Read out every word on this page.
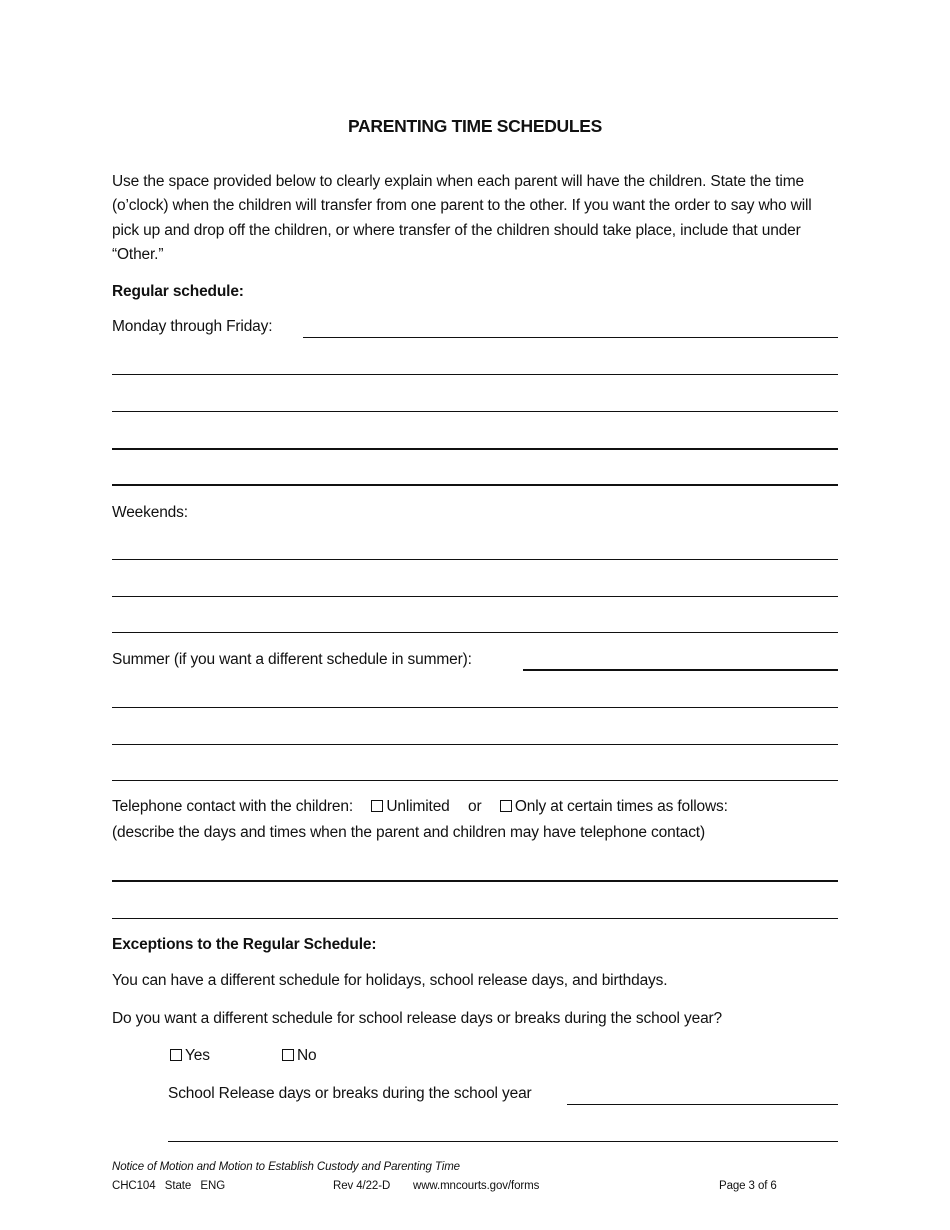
PARENTING TIME SCHEDULES
Use the space provided below to clearly explain when each parent will have the children. State the time (o’clock) when the children will transfer from one parent to the other. If you want the order to say who will pick up and drop off the children, or where transfer of the children should take place, include that under “Other.”
Regular schedule:
Monday through Friday:
Weekends:
Summer (if you want a different schedule in summer):
Telephone contact with the children: Unlimited or Only at certain times as follows:
(describe the days and times when the parent and children may have telephone contact)
Exceptions to the Regular Schedule:
You can have a different schedule for holidays, school release days, and birthdays.
Do you want a different schedule for school release days or breaks during the school year?
Yes	No
School Release days or breaks during the school year
Notice of Motion and Motion to Establish Custody and Parenting Time
CHC104   State   ENG	Rev 4/22-D www.mncourts.gov/forms	Page 3 of 6
